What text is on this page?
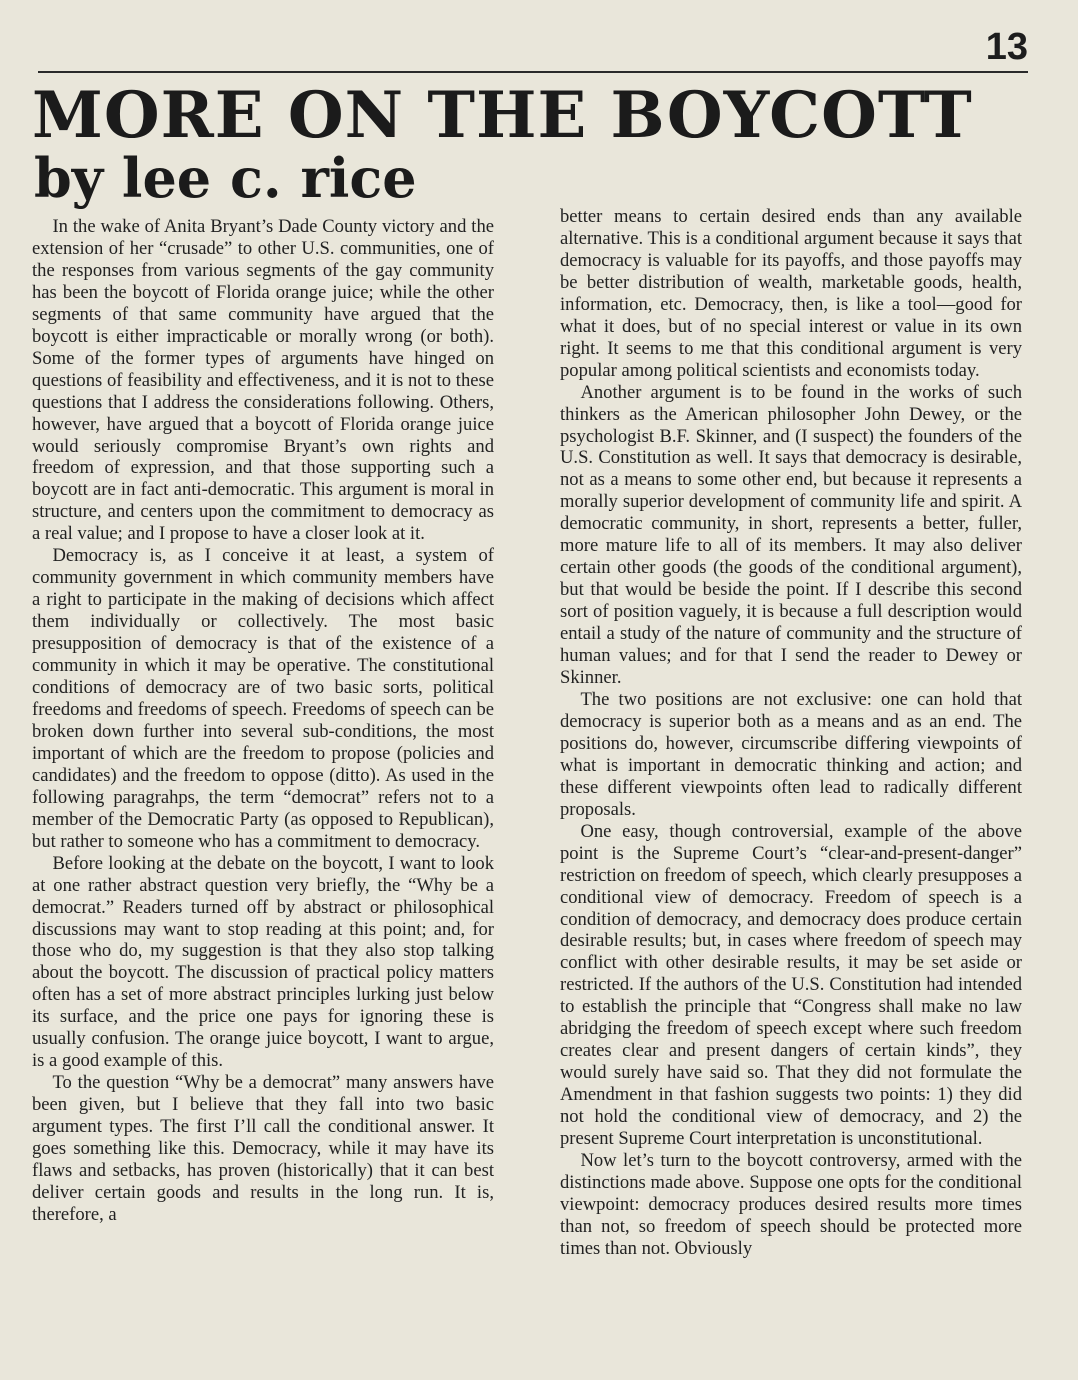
13
MORE ON THE BOYCOTT
by lee c. rice

In the wake of Anita Bryant’s Dade County victory and the extension of her “crusade” to other U.S. communities, one of the responses from various segments of the gay community has been the boycott of Florida orange juice; while the other segments of that same community have argued that the boycott is either impracticable or morally wrong (or both). Some of the former types of arguments have hinged on questions of feasibility and effectiveness, and it is not to these questions that I address the considerations following. Others, however, have argued that a boycott of Florida orange juice would seriously compromise Bryant’s own rights and freedom of expression, and that those supporting such a boycott are in fact anti-democratic. This argument is moral in structure, and centers upon the commitment to democracy as a real value; and I propose to have a closer look at it.

Democracy is, as I conceive it at least, a system of community government in which community members have a right to participate in the making of decisions which affect them individually or collectively. The most basic presupposition of democracy is that of the existence of a community in which it may be operative. The constitutional conditions of democracy are of two basic sorts, political freedoms and freedoms of speech. Freedoms of speech can be broken down further into several sub-conditions, the most important of which are the freedom to propose (policies and candidates) and the freedom to oppose (ditto). As used in the following paragrahps, the term “democrat” refers not to a member of the Democratic Party (as opposed to Republican), but rather to someone who has a commitment to democracy.

Before looking at the debate on the boycott, I want to look at one rather abstract question very briefly, the “Why be a democrat.” Readers turned off by abstract or philosophical discussions may want to stop reading at this point; and, for those who do, my suggestion is that they also stop talking about the boycott. The discussion of practical policy matters often has a set of more abstract principles lurking just below its surface, and the price one pays for ignoring these is usually confusion. The orange juice boycott, I want to argue, is a good example of this.

To the question “Why be a democrat” many answers have been given, but I believe that they fall into two basic argument types. The first I’ll call the conditional answer. It goes something like this. Democracy, while it may have its flaws and setbacks, has proven (historically) that it can best deliver certain goods and results in the long run. It is, therefore, a

better means to certain desired ends than any available alternative. This is a conditional argument because it says that democracy is valuable for its payoffs, and those payoffs may be better distribution of wealth, marketable goods, health, information, etc. Democracy, then, is like a tool—good for what it does, but of no special interest or value in its own right. It seems to me that this conditional argument is very popular among political scientists and economists today.

Another argument is to be found in the works of such thinkers as the American philosopher John Dewey, or the psychologist B.F. Skinner, and (I suspect) the founders of the U.S. Constitution as well. It says that democracy is desirable, not as a means to some other end, but because it represents a morally superior development of community life and spirit. A democratic community, in short, represents a better, fuller, more mature life to all of its members. It may also deliver certain other goods (the goods of the conditional argument), but that would be beside the point. If I describe this second sort of position vaguely, it is because a full description would entail a study of the nature of community and the structure of human values; and for that I send the reader to Dewey or Skinner.

The two positions are not exclusive: one can hold that democracy is superior both as a means and as an end. The positions do, however, circumscribe differing viewpoints of what is important in democratic thinking and action; and these different viewpoints often lead to radically different proposals.

One easy, though controversial, example of the above point is the Supreme Court’s “clear-and-present-danger” restriction on freedom of speech, which clearly presupposes a conditional view of democracy. Freedom of speech is a condition of democracy, and democracy does produce certain desirable results; but, in cases where freedom of speech may conflict with other desirable results, it may be set aside or restricted. If the authors of the U.S. Constitution had intended to establish the principle that “Congress shall make no law abridging the freedom of speech except where such freedom creates clear and present dangers of certain kinds”, they would surely have said so. That they did not formulate the Amendment in that fashion suggests two points: 1) they did not hold the conditional view of democracy, and 2) the present Supreme Court interpretation is unconstitutional.

Now let’s turn to the boycott controversy, armed with the distinctions made above. Suppose one opts for the conditional viewpoint: democracy produces desired results more times than not, so freedom of speech should be protected more times than not. Obviously
